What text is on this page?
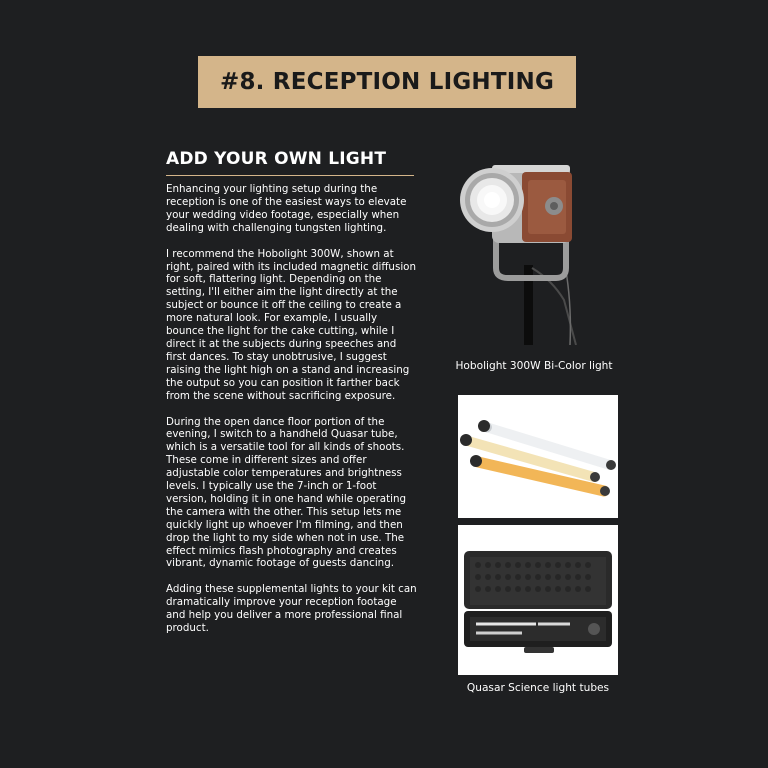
#8. RECEPTION LIGHTING
ADD YOUR OWN LIGHT

Enhancing your lighting setup during the reception is one of the easiest ways to elevate your wedding video footage, especially when dealing with challenging tungsten lighting.

I recommend the Hobolight 300W, shown at right, paired with its included magnetic diffusion for soft, flattering light. Depending on the setting, I'll either aim the light directly at the subject or bounce it off the ceiling to create a more natural look. For example, I usually bounce the light for the cake cutting, while I direct it at the subjects during speeches and first dances. To stay unobtrusive, I suggest raising the light high on a stand and increasing the output so you can position it farther back from the scene without sacrificing exposure.

During the open dance floor portion of the evening, I switch to a handheld Quasar tube, which is a versatile tool for all kinds of shoots. These come in different sizes and offer adjustable color temperatures and brightness levels. I typically use the 7-inch or 1-foot version, holding it in one hand while operating the camera with the other. This setup lets me quickly light up whoever I'm filming, and then drop the light to my side when not in use. The effect mimics flash photography and creates vibrant, dynamic footage of guests dancing.

Adding these supplemental lights to your kit can dramatically improve your reception footage and help you deliver a more professional final product.

Hobolight 300W Bi-Color light
Quasar Science light tubes
